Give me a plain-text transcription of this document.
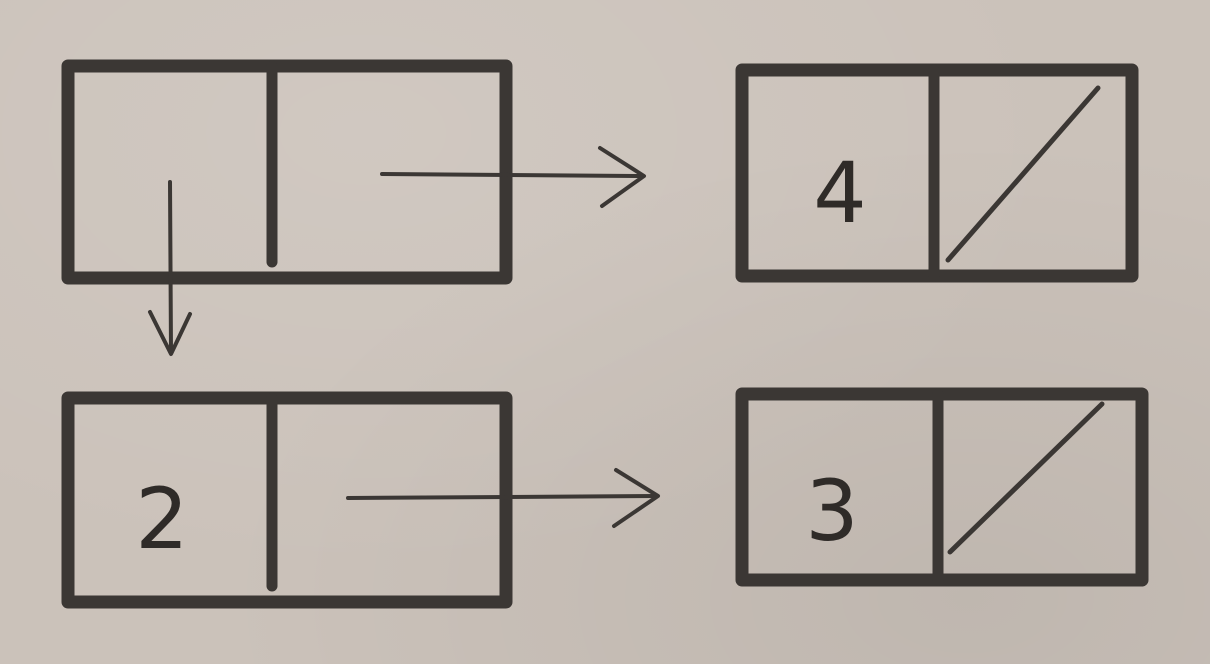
4
2	3
